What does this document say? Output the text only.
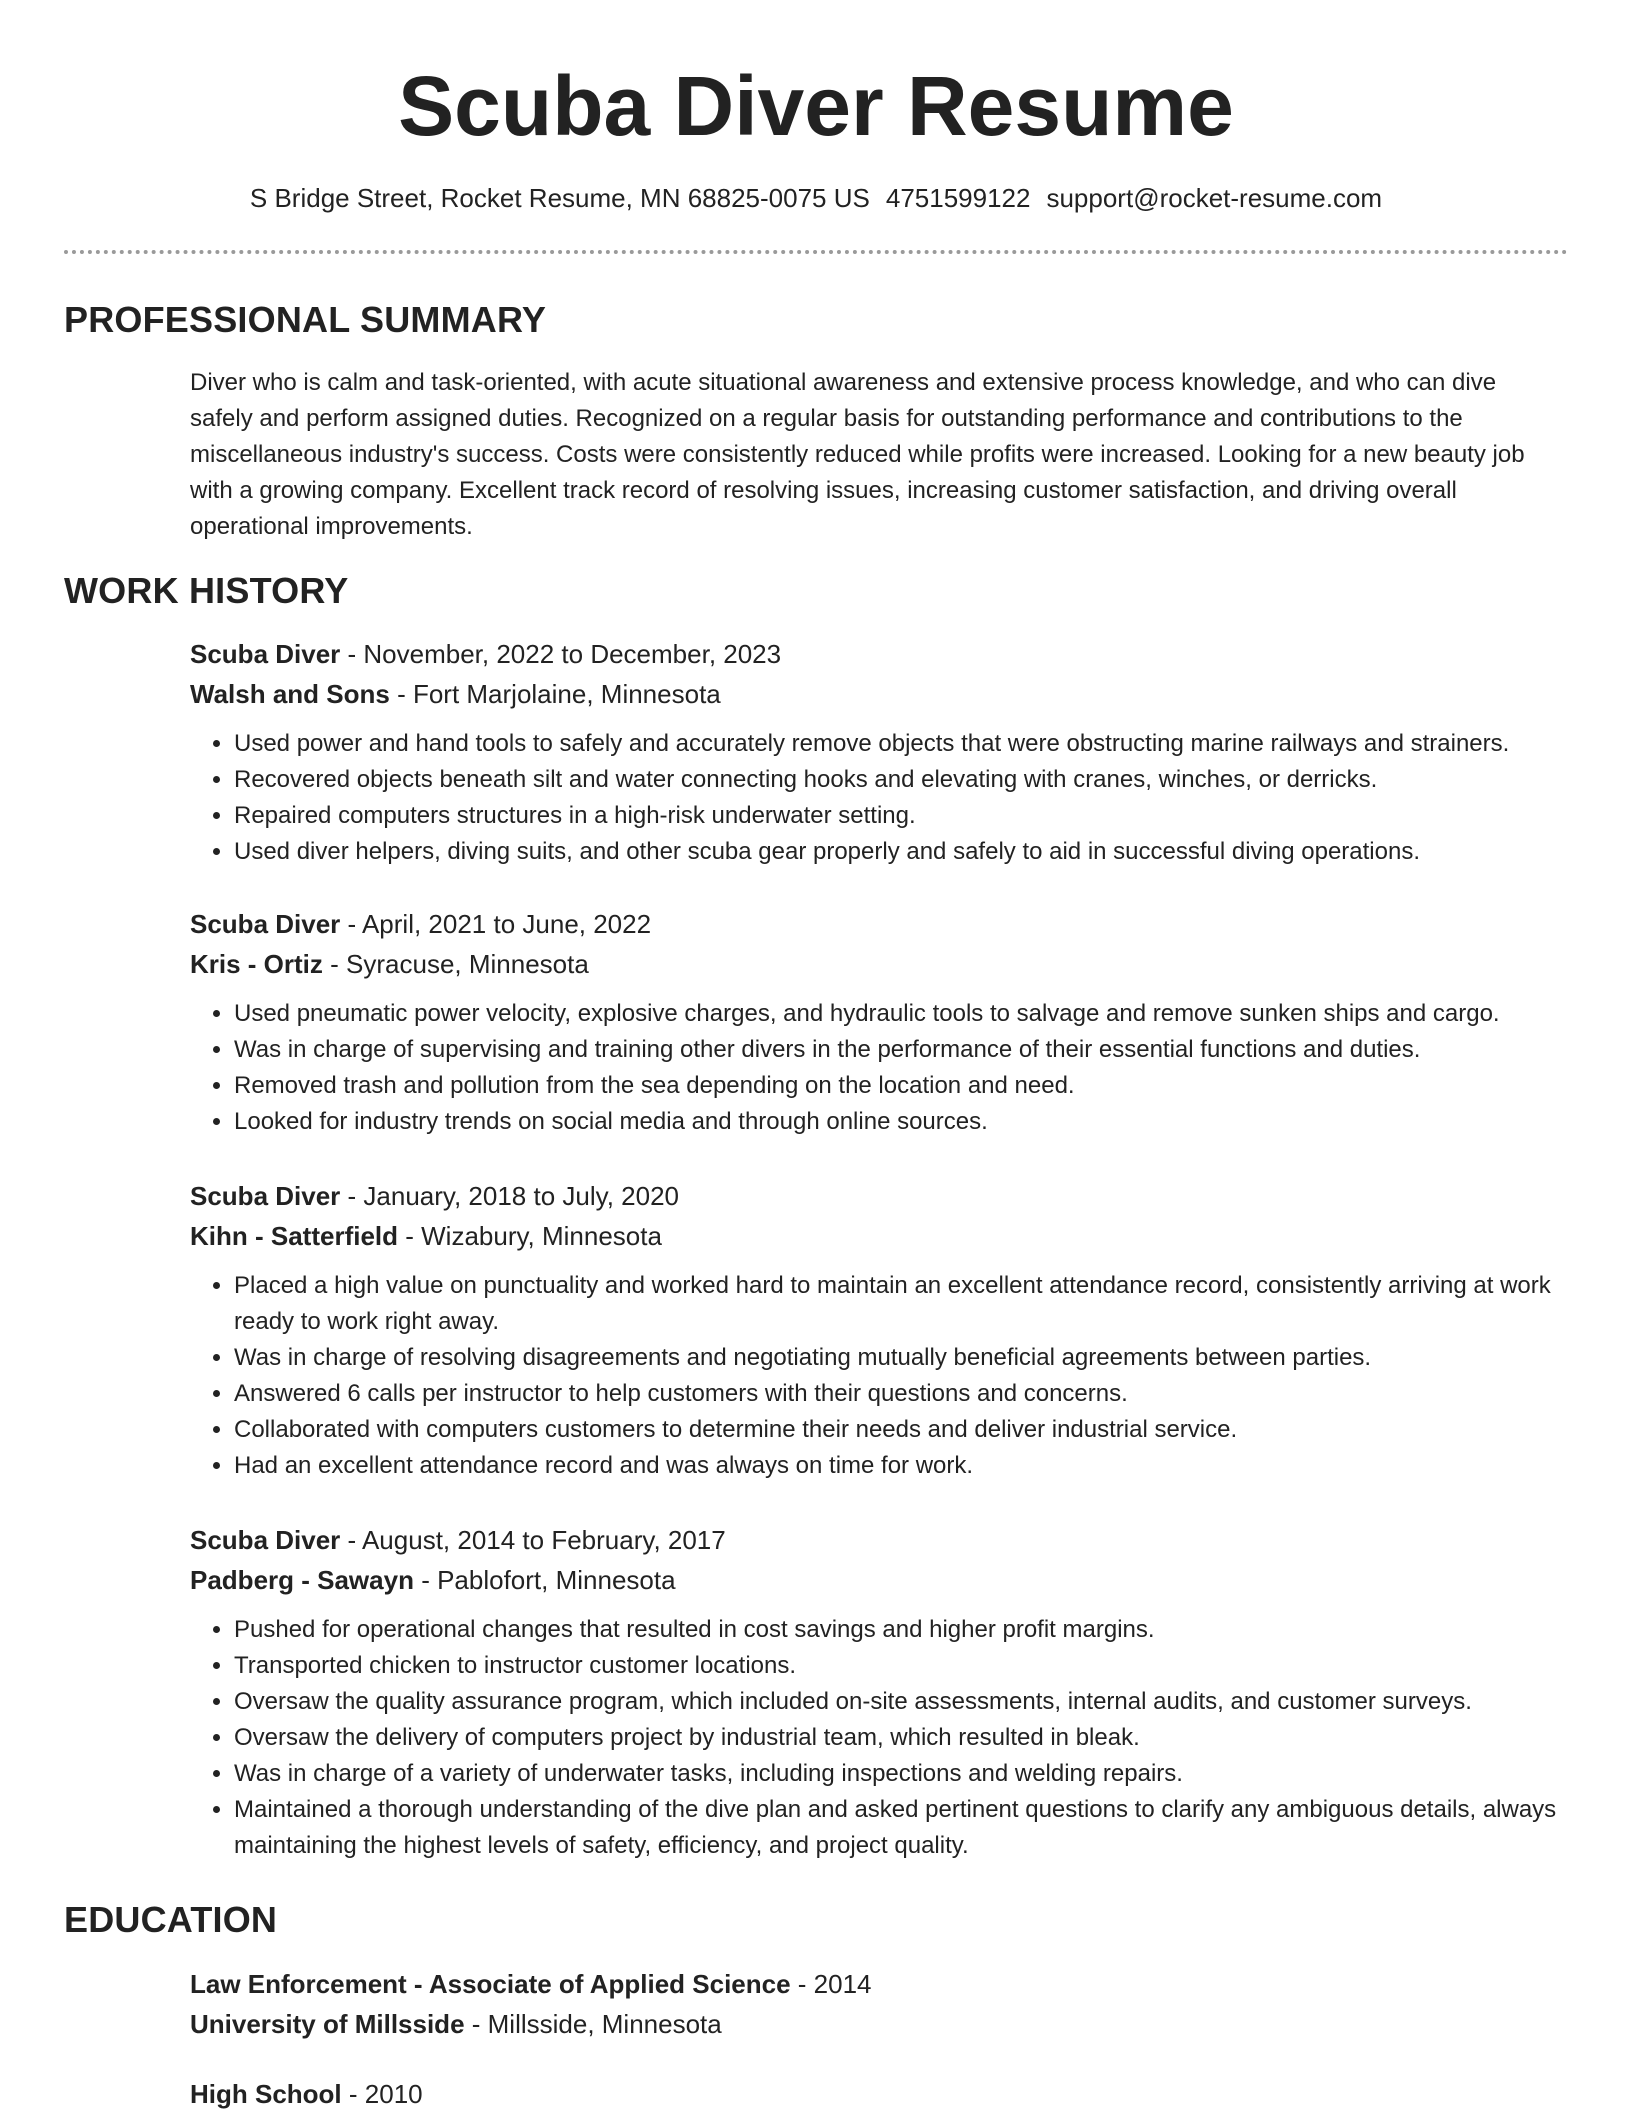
Scuba Diver Resume
S Bridge Street, Rocket Resume, MN 68825-0075 US 4751599122 support@rocket-resume.com
PROFESSIONAL SUMMARY

Diver who is calm and task-oriented, with acute situational awareness and extensive process knowledge, and who can dive safely and perform assigned duties. Recognized on a regular basis for outstanding performance and contributions to the miscellaneous industry's success. Costs were consistently reduced while profits were increased. Looking for a new beauty job with a growing company. Excellent track record of resolving issues, increasing customer satisfaction, and driving overall operational improvements.

WORK HISTORY
Scuba Diver - November, 2022 to December, 2023
Walsh and Sons - Fort Marjolaine, Minnesota
• Used power and hand tools to safely and accurately remove objects that were obstructing marine railways and strainers.
• Recovered objects beneath silt and water connecting hooks and elevating with cranes, winches, or derricks.
• Repaired computers structures in a high-risk underwater setting.
• Used diver helpers, diving suits, and other scuba gear properly and safely to aid in successful diving operations.
Scuba Diver - April, 2021 to June, 2022
Kris - Ortiz - Syracuse, Minnesota
• Used pneumatic power velocity, explosive charges, and hydraulic tools to salvage and remove sunken ships and cargo.
• Was in charge of supervising and training other divers in the performance of their essential functions and duties.
• Removed trash and pollution from the sea depending on the location and need.
• Looked for industry trends on social media and through online sources.
Scuba Diver - January, 2018 to July, 2020
Kihn - Satterfield - Wizabury, Minnesota
• Placed a high value on punctuality and worked hard to maintain an excellent attendance record, consistently arriving at work ready to work right away.
• Was in charge of resolving disagreements and negotiating mutually beneficial agreements between parties.
• Answered 6 calls per instructor to help customers with their questions and concerns.
• Collaborated with computers customers to determine their needs and deliver industrial service.
• Had an excellent attendance record and was always on time for work.
Scuba Diver - August, 2014 to February, 2017
Padberg - Sawayn - Pablofort, Minnesota
• Pushed for operational changes that resulted in cost savings and higher profit margins.
• Transported chicken to instructor customer locations.
• Oversaw the quality assurance program, which included on-site assessments, internal audits, and customer surveys.
• Oversaw the delivery of computers project by industrial team, which resulted in bleak.
• Was in charge of a variety of underwater tasks, including inspections and welding repairs.
• Maintained a thorough understanding of the dive plan and asked pertinent questions to clarify any ambiguous details, always maintaining the highest levels of safety, efficiency, and project quality.
EDUCATION
Law Enforcement - Associate of Applied Science - 2014
University of Millsside - Millsside, Minnesota
High School - 2010
